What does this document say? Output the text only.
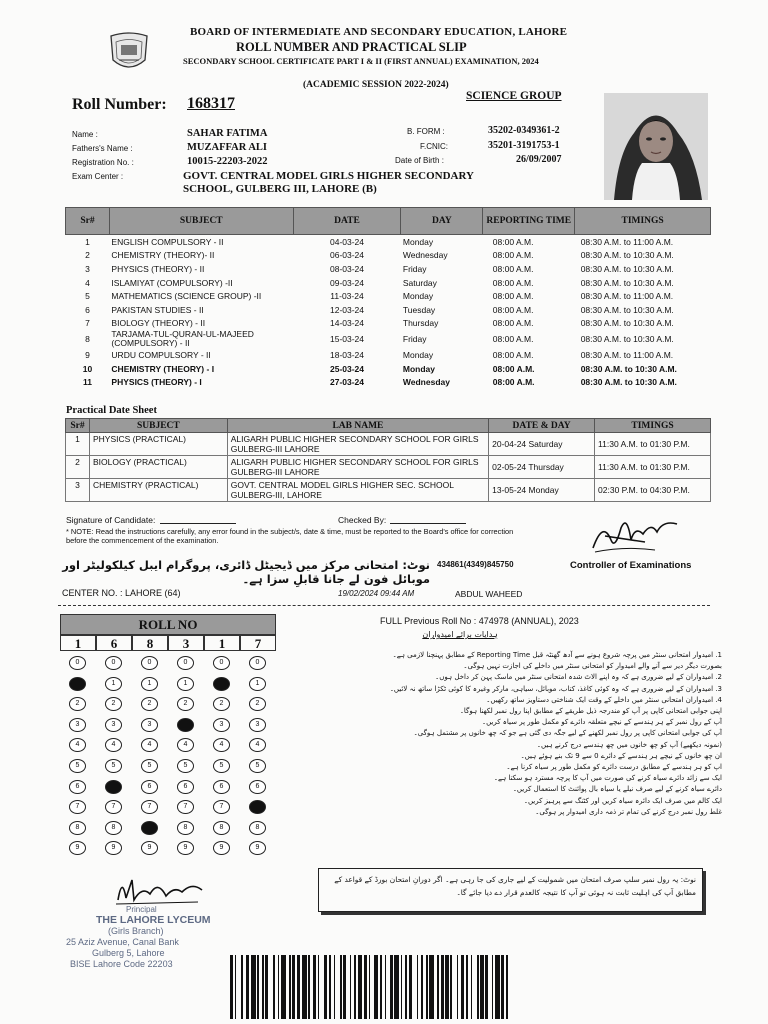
BOARD OF INTERMEDIATE AND SECONDARY EDUCATION, LAHORE
ROLL NUMBER AND PRACTICAL SLIP
SECONDARY SCHOOL CERTIFICATE PART I & II (FIRST ANNUAL) EXAMINATION, 2024
(ACADEMIC SESSION 2022-2024)
SCIENCE GROUP
Roll Number: 168317
Name :	SAHAR FATIMA
Fathers's Name :	MUZAFFAR ALI
Registration No. :	10015-22203-2022
Exam Center :	GOVT. CENTRAL MODEL GIRLS HIGHER SECONDARY
SCHOOL, GULBERG III, LAHORE (B)
B. FORM :	35202-0349361-2
F.CNIC:	35201-3191753-1
Date of Birth :	26/09/2007
Sr#	SUBJECT	DATE	DAY	REPORTING TIME	TIMINGS
1	ENGLISH COMPULSORY - II	04-03-24	Monday	08:00 A.M.	08:30 A.M. to 11:00 A.M.
2	CHEMISTRY (THEORY)- II	06-03-24	Wednesday	08:00 A.M.	08:30 A.M. to 10:30 A.M.
3	PHYSICS (THEORY) - II	08-03-24	Friday	08:00 A.M.	08:30 A.M. to 10:30 A.M.
4	ISLAMIYAT (COMPULSORY) -II	09-03-24	Saturday	08:00 A.M.	08:30 A.M. to 10:30 A.M.
5	MATHEMATICS (SCIENCE GROUP) -II	11-03-24	Monday	08:00 A.M.	08:30 A.M. to 11:00 A.M.
6	PAKISTAN STUDIES - II	12-03-24	Tuesday	08:00 A.M.	08:30 A.M. to 10:30 A.M.
7	BIOLOGY (THEORY) - II	14-03-24	Thursday	08:00 A.M.	08:30 A.M. to 10:30 A.M.
8	TARJAMA-TUL-QURAN-UL-MAJEED (COMPULSORY) - II	15-03-24	Friday	08:00 A.M.	08:30 A.M. to 10:30 A.M.
9	URDU COMPULSORY - II	18-03-24	Monday	08:00 A.M.	08:30 A.M. to 11:00 A.M.
10	CHEMISTRY (THEORY) - I	25-03-24	Monday	08:00 A.M.	08:30 A.M. to 10:30 A.M.
11	PHYSICS (THEORY) - I	27-03-24	Wednesday	08:00 A.M.	08:30 A.M. to 10:30 A.M.
Practical Date Sheet
Sr#	SUBJECT	LAB NAME	DATE & DAY	TIMINGS
1	PHYSICS (PRACTICAL)	ALIGARH PUBLIC HIGHER SECONDARY SCHOOL FOR GIRLS GULBERG-III LAHORE	20-04-24 Saturday	11:30 A.M. to 01:30 P.M.
2	BIOLOGY (PRACTICAL)	ALIGARH PUBLIC HIGHER SECONDARY SCHOOL FOR GIRLS GULBERG-III LAHORE	02-05-24 Thursday	11:30 A.M. to 01:30 P.M.
3	CHEMISTRY (PRACTICAL)	GOVT. CENTRAL MODEL GIRLS HIGHER SEC. SCHOOL GULBERG-III, LAHORE	13-05-24 Monday	02:30 P.M. to 04:30 P.M.
Signature of Candidate:	Checked By:
* NOTE: Read the instructions carefully, any error found in the subject/s, date & time, must be reported to the Board's office for correction before the commencement of the examination.
نوٹ: امتحانی مرکز میں ڈیجیٹل ڈائری، پروگرام ایبل کیلکولیٹر اور موبائل فون لے جانا قابلِ سزا ہے۔
434861(4349)845750	Controller of Examinations
CENTER NO. : LAHORE (64)	19/02/2024 09:44 AM	ABDUL WAHEED
ROLL NO
1	6	8	3	1	7
0
2
3
4
5
6
7
8
9
0
1
2
3
4
5
7
8
9
0
1
2
3
4
5
6
7
9
0
1
2
4
5
6
7
8
9
0
2
3
4
5
6
7
8
9
0
1
2
3
4
5
6
8
9
FULL Previous Roll No : 474978 (ANNUAL), 2023
ہدایات برائے امیدواران
1. امیدوار امتحانی سنٹر میں پرچہ شروع ہونے سے آدھ گھنٹہ قبل Reporting Time کے مطابق پہنچنا لازمی ہے۔
بصورت دیگر دیر سے آنے والے امیدوار کو امتحانی سنٹر میں داخلے کی اجازت نہیں ہوگی۔
2. امیدواران کے لیے ضروری ہے کہ وہ اپنے الاٹ شدہ امتحانی سنٹر میں ماسک پہن کر داخل ہوں۔
3. امیدواران کے لیے ضروری ہے کہ وہ کوئی کاغذ، کتاب، موبائل، سیاہی، مارکر وغیرہ کا کوئی ٹکڑا ساتھ نہ لائیں۔
4. امیدواران امتحانی سنٹر میں داخلے کے وقت ایک شناختی دستاویز ساتھ رکھیں۔
اپنی جوابی امتحانی کاپی پر آپ کو مندرجہ ذیل طریقے کے مطابق اپنا رول نمبر لکھنا ہوگا۔
آپ کے رول نمبر کے ہر ہندسے کے نیچے متعلقہ دائرے کو مکمل طور پر سیاہ کریں۔
آپ کی جوابی امتحانی کاپی پر رول نمبر لکھنے کے لیے جگہ دی گئی ہے جو کہ چھ خانوں پر مشتمل ہوگی۔
(نمونہ دیکھیے) آپ کو چھ خانوں میں چھ ہندسے درج کرنے ہیں۔
ان چھ خانوں کے نیچے ہر ہندسے کے دائرے 0 سے 9 تک بنے ہوئے ہیں۔
اپ کو ہر ہندسے کے مطابق درست دائرے کو مکمل طور پر سیاہ کرنا ہے۔
ایک سے زائد دائرے سیاہ کرنے کی صورت میں آپ کا پرچہ مسترد ہو سکتا ہے۔
دائرے سیاہ کرنے کے لیے صرف نیلے یا سیاہ بال پوائنٹ کا استعمال کریں۔
ایک کالم میں صرف ایک دائرہ سیاہ کریں اور کٹنگ سے پرہیز کریں۔
غلط رول نمبر درج کرنے کی تمام تر ذمہ داری امیدوار پر ہوگی۔
نوٹ: یہ رول نمبر سلپ صرف امتحان میں شمولیت کے لیے جاری کی جا رہی ہے۔ اگر دورانِ امتحان بورڈ کے قواعد کے مطابق آپ کی اہلیت ثابت نہ ہوئی تو آپ کا نتیجہ کالعدم قرار دے دیا جائے گا۔
Principal
THE LAHORE LYCEUM
(Girls Branch)
25 Aziz Avenue, Canal Bank
Gulberg 5, Lahore
BISE Lahore Code 22203
